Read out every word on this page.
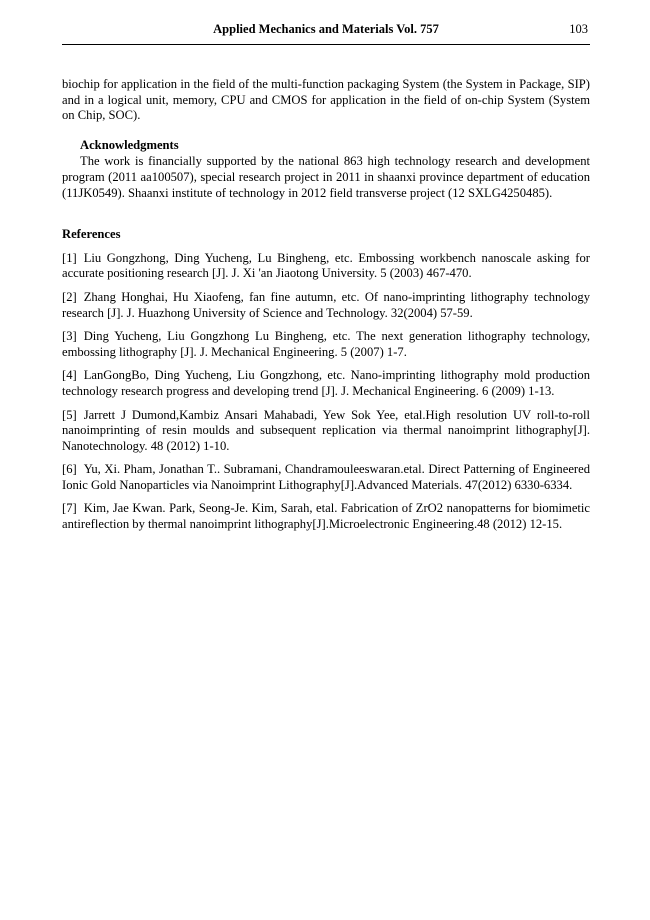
Applied Mechanics and Materials Vol. 757	103

biochip for application in the field of the multi-function packaging System (the System in Package, SIP) and in a logical unit, memory, CPU and CMOS for application in the field of on-chip System (System on Chip, SOC).

Acknowledgments

The work is financially supported by the national 863 high technology research and development program (2011 aa100507), special research project in 2011 in shaanxi province department of education (11JK0549). Shaanxi institute of technology in 2012 field transverse project (12 SXLG4250485).

References

[1] Liu Gongzhong, Ding Yucheng, Lu Bingheng, etc. Embossing workbench nanoscale asking for accurate positioning research [J]. J. Xi 'an Jiaotong University. 5 (2003) 467-470.

[2] Zhang Honghai, Hu Xiaofeng, fan fine autumn, etc. Of nano-imprinting lithography technology research [J]. J. Huazhong University of Science and Technology. 32(2004) 57-59.

[3] Ding Yucheng, Liu Gongzhong Lu Bingheng, etc. The next generation lithography technology, embossing lithography [J]. J. Mechanical Engineering. 5 (2007) 1-7.

[4] LanGongBo, Ding Yucheng, Liu Gongzhong, etc. Nano-imprinting lithography mold production technology research progress and developing trend [J]. J. Mechanical Engineering. 6 (2009) 1-13.

[5] Jarrett J Dumond,Kambiz Ansari Mahabadi, Yew Sok Yee, etal.High resolution UV roll-to-roll nanoimprinting of resin moulds and subsequent replication via thermal nanoimprint lithography[J]. Nanotechnology. 48 (2012) 1-10.

[6] Yu, Xi. Pham, Jonathan T.. Subramani, Chandramouleeswaran.etal. Direct Patterning of Engineered Ionic Gold Nanoparticles via Nanoimprint Lithography[J].Advanced Materials. 47(2012) 6330-6334.

[7] Kim, Jae Kwan. Park, Seong-Je. Kim, Sarah, etal. Fabrication of ZrO2 nanopatterns for biomimetic antireflection by thermal nanoimprint lithography[J].Microelectronic Engineering.48 (2012) 12-15.
